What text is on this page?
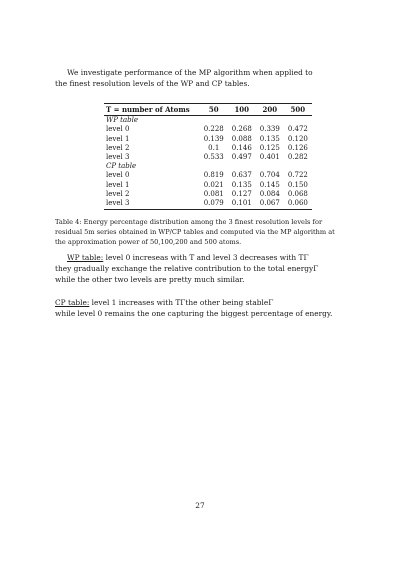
We investigate performance of the MP algorithm when applied to
the finest resolution levels of the WP and CP tables.
T = number of Atoms	50	100	200	500
WP table				
level 0	0.228	0.268	0.339	0.472
level 1	0.139	0.088	0.135	0.120
level 2	0.1	0.146	0.125	0.126
level 3	0.533	0.497	0.401	0.282
CP table				
level 0	0.819	0.637	0.704	0.722
level 1	0.021	0.135	0.145	0.150
level 2	0.081	0.127	0.084	0.068
level 3	0.079	0.101	0.067	0.060
Table 4: Energy percentage distribution among the 3 finest resolution levels for residual 5m series obtained in WP/CP tables and computed via the MP algorithm at the approximation power of 50,100,200 and 500 atoms.
WP table: level 0 increseas with T and level 3 decreases with TΓ
they gradually exchange the relative contribution to the total energyΓ
while the other two levels are pretty much similar.
CP table: level 1 increases with TΓthe other being stableΓ
while level 0 remains the one capturing the biggest percentage of energy.
27
